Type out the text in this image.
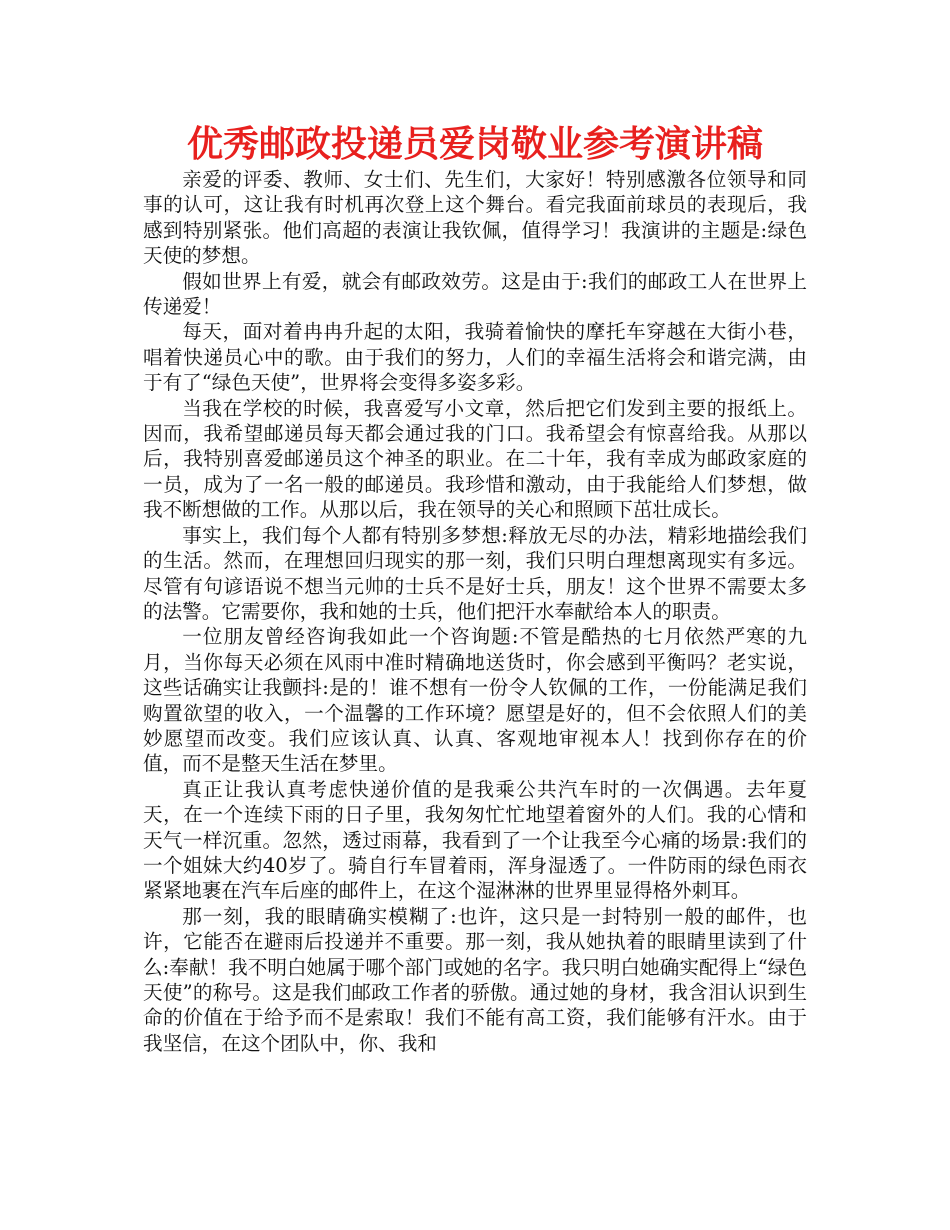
优秀邮政投递员爱岗敬业参考演讲稿

亲爱的评委、教师、女士们、先生们，大家好！特别感激各位领导和同事的认可，这让我有时机再次登上这个舞台。看完我面前球员的表现后，我感到特别紧张。他们高超的表演让我钦佩，值得学习！我演讲的主题是:绿色天使的梦想。

假如世界上有爱，就会有邮政效劳。这是由于:我们的邮政工人在世界上传递爱！

每天，面对着冉冉升起的太阳，我骑着愉快的摩托车穿越在大街小巷，唱着快递员心中的歌。由于我们的努力，人们的幸福生活将会和谐完满，由于有了“绿色天使”，世界将会变得多姿多彩。

当我在学校的时候，我喜爱写小文章，然后把它们发到主要的报纸上。因而，我希望邮递员每天都会通过我的门口。我希望会有惊喜给我。从那以后，我特别喜爱邮递员这个神圣的职业。在二十年，我有幸成为邮政家庭的一员，成为了一名一般的邮递员。我珍惜和激动，由于我能给人们梦想，做我不断想做的工作。从那以后，我在领导的关心和照顾下茁壮成长。

事实上，我们每个人都有特别多梦想:释放无尽的办法，精彩地描绘我们的生活。然而，在理想回归现实的那一刻，我们只明白理想离现实有多远。尽管有句谚语说不想当元帅的士兵不是好士兵，朋友！这个世界不需要太多的法警。它需要你，我和她的士兵，他们把汗水奉献给本人的职责。

一位朋友曾经咨询我如此一个咨询题:不管是酷热的七月依然严寒的九月，当你每天必须在风雨中准时精确地送货时，你会感到平衡吗？老实说，这些话确实让我颤抖:是的！谁不想有一份令人钦佩的工作，一份能满足我们购置欲望的收入，一个温馨的工作环境？愿望是好的，但不会依照人们的美妙愿望而改变。我们应该认真、认真、客观地审视本人！找到你存在的价值，而不是整天生活在梦里。

真正让我认真考虑快递价值的是我乘公共汽车时的一次偶遇。去年夏天，在一个连续下雨的日子里，我匆匆忙忙地望着窗外的人们。我的心情和天气一样沉重。忽然，透过雨幕，我看到了一个让我至今心痛的场景:我们的一个姐妹大约40岁了。骑自行车冒着雨，浑身湿透了。一件防雨的绿色雨衣紧紧地裹在汽车后座的邮件上，在这个湿淋淋的世界里显得格外刺耳。

那一刻，我的眼睛确实模糊了:也许，这只是一封特别一般的邮件，也许，它能否在避雨后投递并不重要。那一刻，我从她执着的眼睛里读到了什么:奉献！我不明白她属于哪个部门或她的名字。我只明白她确实配得上“绿色天使”的称号。这是我们邮政工作者的骄傲。通过她的身材，我含泪认识到生命的价值在于给予而不是索取！我们不能有高工资，我们能够有汗水。由于我坚信，在这个团队中，你、我和
